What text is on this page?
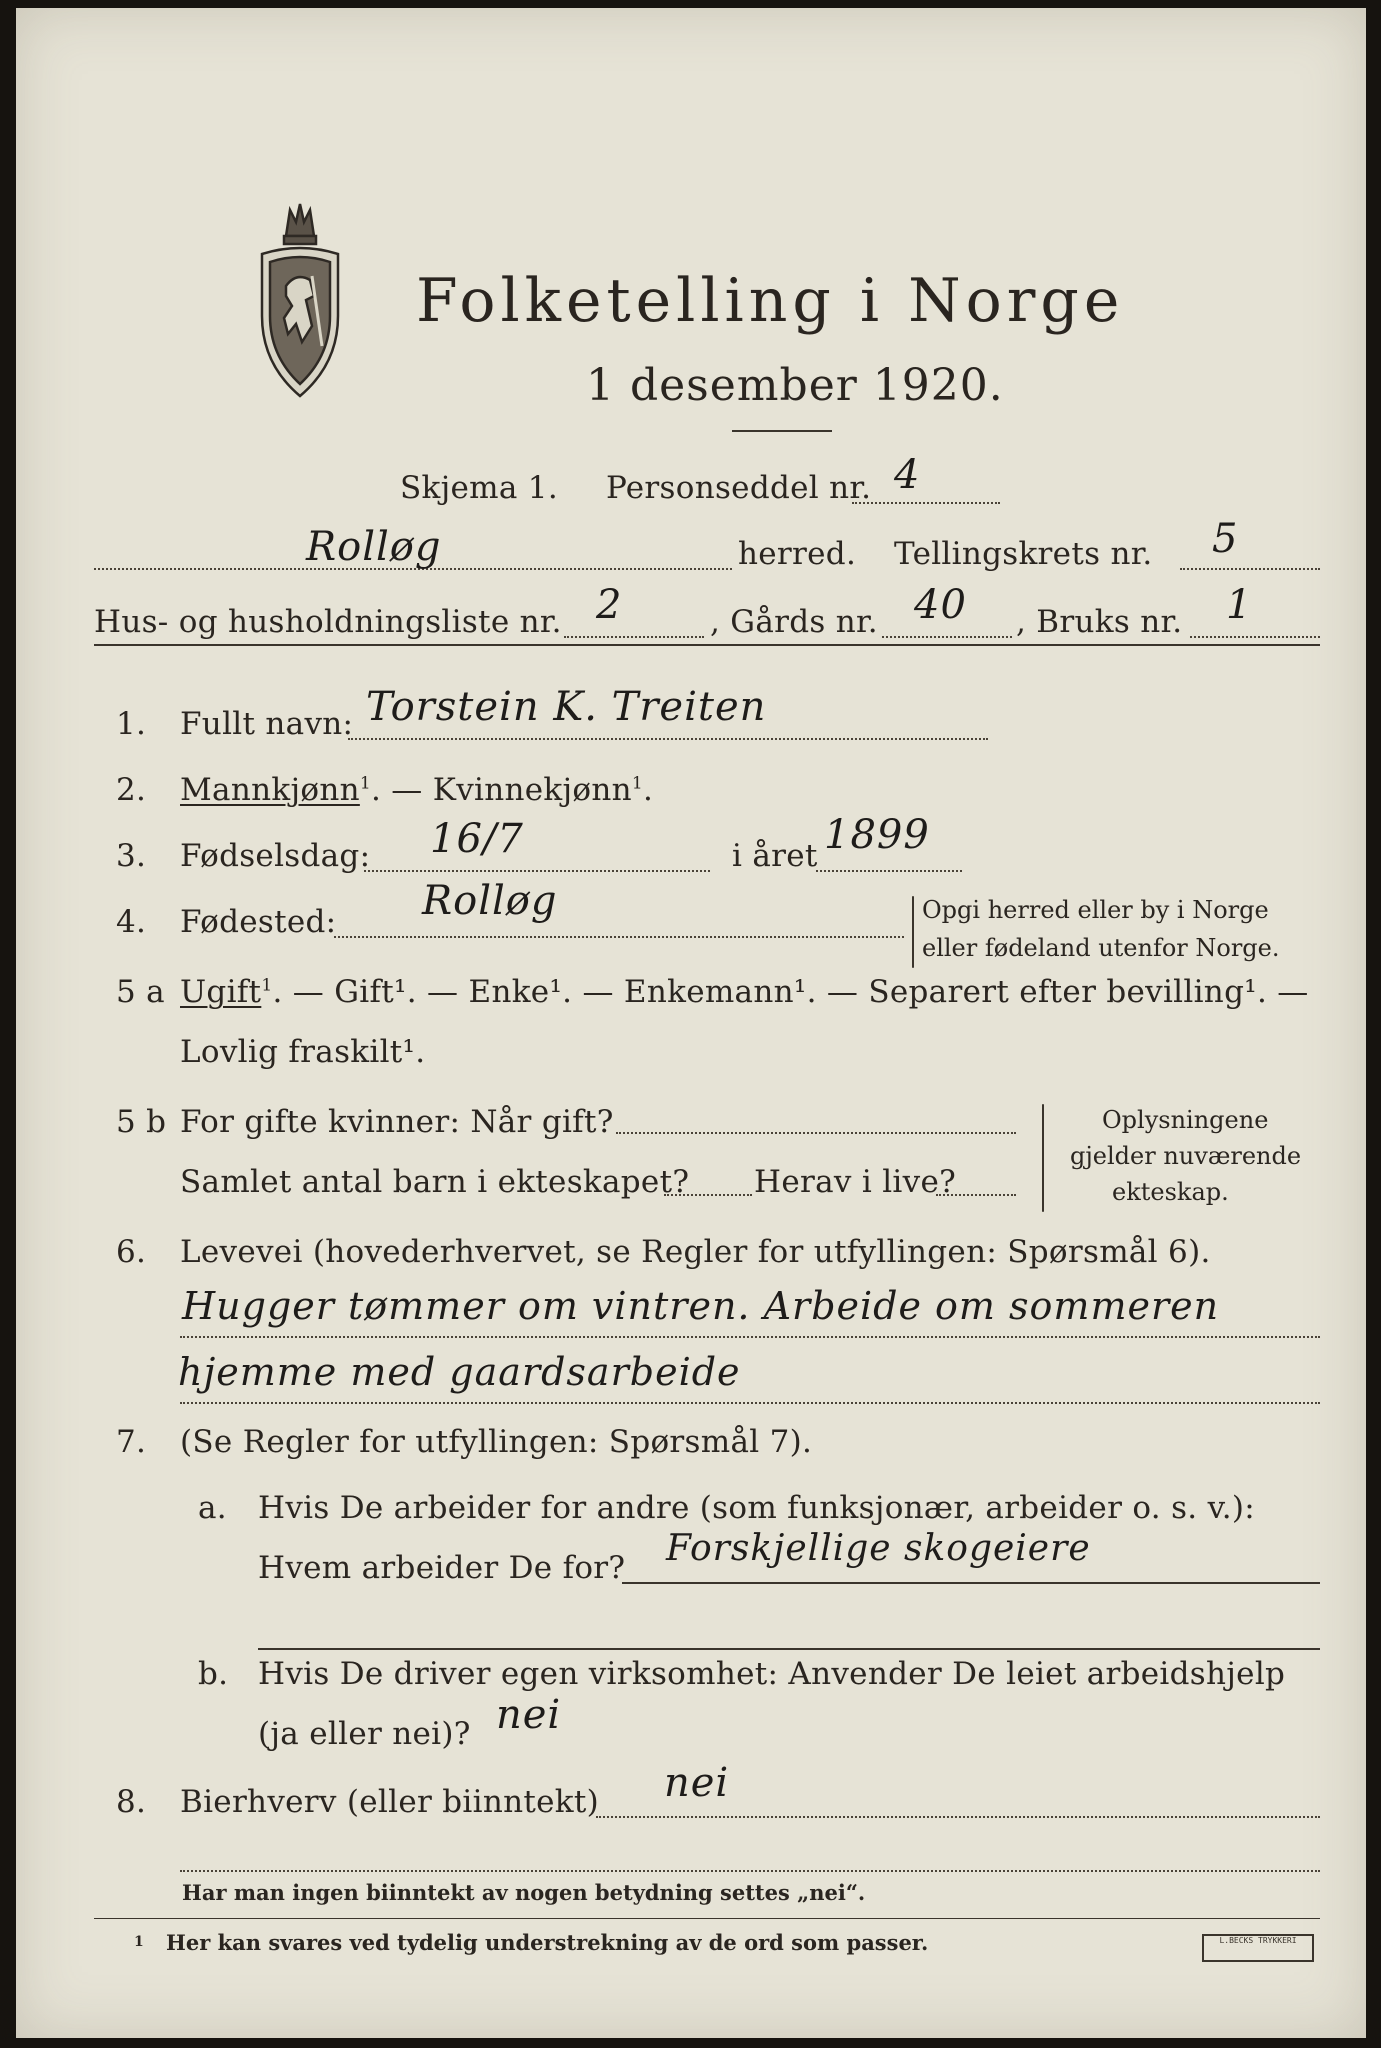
Folketelling i Norge
1 desember 1920.
Skjema 1. Personseddel nr. 4
Rolløg	herred. Tellingskrets nr. 5
Hus- og husholdningsliste nr. 2	, Gårds nr. 40 , Bruks nr. 1
1. Fullt navn: Torstein K. Treiten
2. Mannkjønn$^1$. — Kvinnekjønn$^1$.
3. Fødselsdag: 16/7	i året 1899
4. Fødested: Rolløg	Opgi herred eller by i Norge
eller fødeland utenfor Norge.
5 a Ugift$^1$. — Gift¹. — Enke¹. — Enkemann¹. — Separert efter bevilling¹. —
Lovlig fraskilt¹.
5 b For gifte kvinner: Når gift?
Samlet antal barn i ekteskapet? Herav i live?
Oplysningene
gjelder nuværende
ekteskap.
6. Levevei (hovederhvervet, se Regler for utfyllingen: Spørsmål 6).
Hugger tømmer om vintren. Arbeide om sommeren
hjemme med gaardsarbeide
7. (Se Regler for utfyllingen: Spørsmål 7).
a. Hvis De arbeider for andre (som funksjonær, arbeider o. s. v.):
Hvem arbeider De for? Forskjellige skogeiere
b. Hvis De driver egen virksomhet: Anvender De leiet arbeidshjelp
(ja eller nei)? nei
8. Bierhverv (eller biinntekt) nei
Har man ingen biinntekt av nogen betydning settes „nei“.
1 Her kan svares ved tydelig understrekning av de ord som passer.	L.BECKS TRYKKERI
